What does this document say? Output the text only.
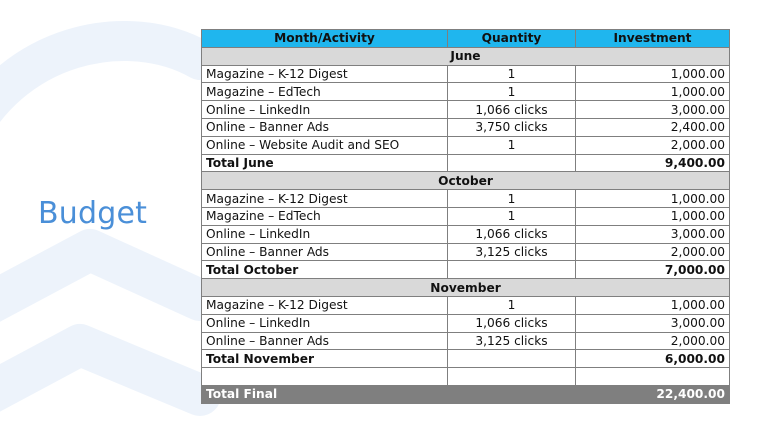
Budget
Month/Activity	Quantity	Investment
June		
Magazine – K-12 Digest	1	1,000.00
Magazine – EdTech	1	1,000.00
Online – LinkedIn	1,066 clicks	3,000.00
Online – Banner Ads	3,750 clicks	2,400.00
Online – Website Audit and SEO	1	2,000.00
Total June		9,400.00
October		
Magazine – K-12 Digest	1	1,000.00
Magazine – EdTech	1	1,000.00
Online – LinkedIn	1,066 clicks	3,000.00
Online – Banner Ads	3,125 clicks	2,000.00
Total October		7,000.00
November		
Magazine – K-12 Digest	1	1,000.00
Online – LinkedIn	1,066 clicks	3,000.00
Online – Banner Ads	3,125 clicks	2,000.00
Total November		6,000.00

Total Final		22,400.00
